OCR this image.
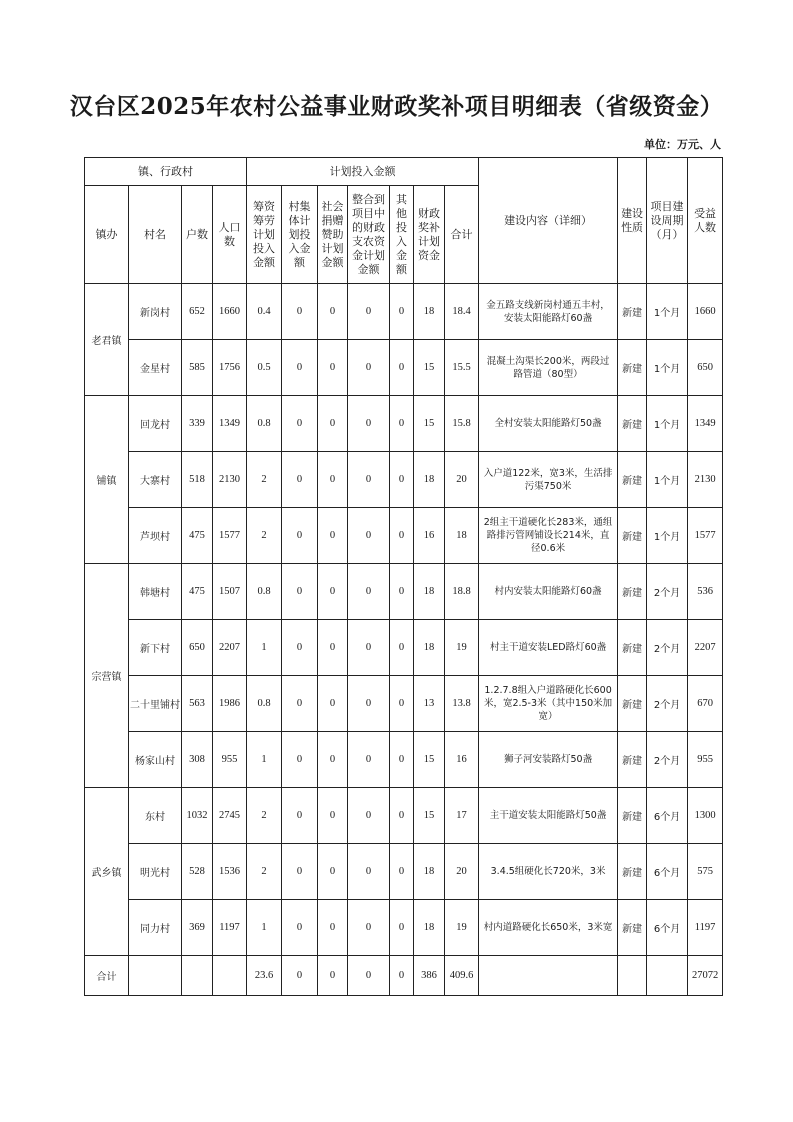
汉台区2025年农村公益事业财政奖补项目明细表（省级资金）
单位：万元、人
镇、行政村				计划投入金额							建设内容（详细）	建设性质	项目建设周期（月）	受益人数
镇办	村名	户数	人口数	筹资筹劳计划投入金额	村集体计划投入金额	社会捐赠赞助计划金额	整合到项目中的财政支农资金计划金额	其他投入金额	财政奖补计划资金	合计				
老君镇	新岗村	652	1660	0.4	0	0	0	0	18	18.4	金五路支线新岗村通五丰村，安装太阳能路灯60盏	新建	1个月	1660
	金星村	585	1756	0.5	0	0	0	0	15	15.5	混凝土沟渠长200米，两段过路管道（80型）	新建	1个月	650
铺镇	回龙村	339	1349	0.8	0	0	0	0	15	15.8	全村安装太阳能路灯50盏	新建	1个月	1349
	大寨村	518	2130	2	0	0	0	0	18	20	入户道122米，宽3米，生活排污渠750米	新建	1个月	2130
	芦坝村	475	1577	2	0	0	0	0	16	18	2组主干道硬化长283米，通组路排污管网铺设长214米，直径0.6米	新建	1个月	1577
宗营镇	韩塘村	475	1507	0.8	0	0	0	0	18	18.8	村内安装太阳能路灯60盏	新建	2个月	536
	新下村	650	2207	1	0	0	0	0	18	19	村主干道安装LED路灯60盏	新建	2个月	2207
	二十里铺村	563	1986	0.8	0	0	0	0	13	13.8	1.2.7.8组入户道路硬化长600米，宽2.5-3米（其中150米加宽）	新建	2个月	670
	杨家山村	308	955	1	0	0	0	0	15	16	狮子河安装路灯50盏	新建	2个月	955
武乡镇	东村	1032	2745	2	0	0	0	0	15	17	主干道安装太阳能路灯50盏	新建	6个月	1300
	明光村	528	1536	2	0	0	0	0	18	20	3.4.5组硬化长720米，3米	新建	6个月	575
	同力村	369	1197	1	0	0	0	0	18	19	村内道路硬化长650米，3米宽	新建	6个月	1197
合计				23.6	0	0	0	0	386	409.6				27072
